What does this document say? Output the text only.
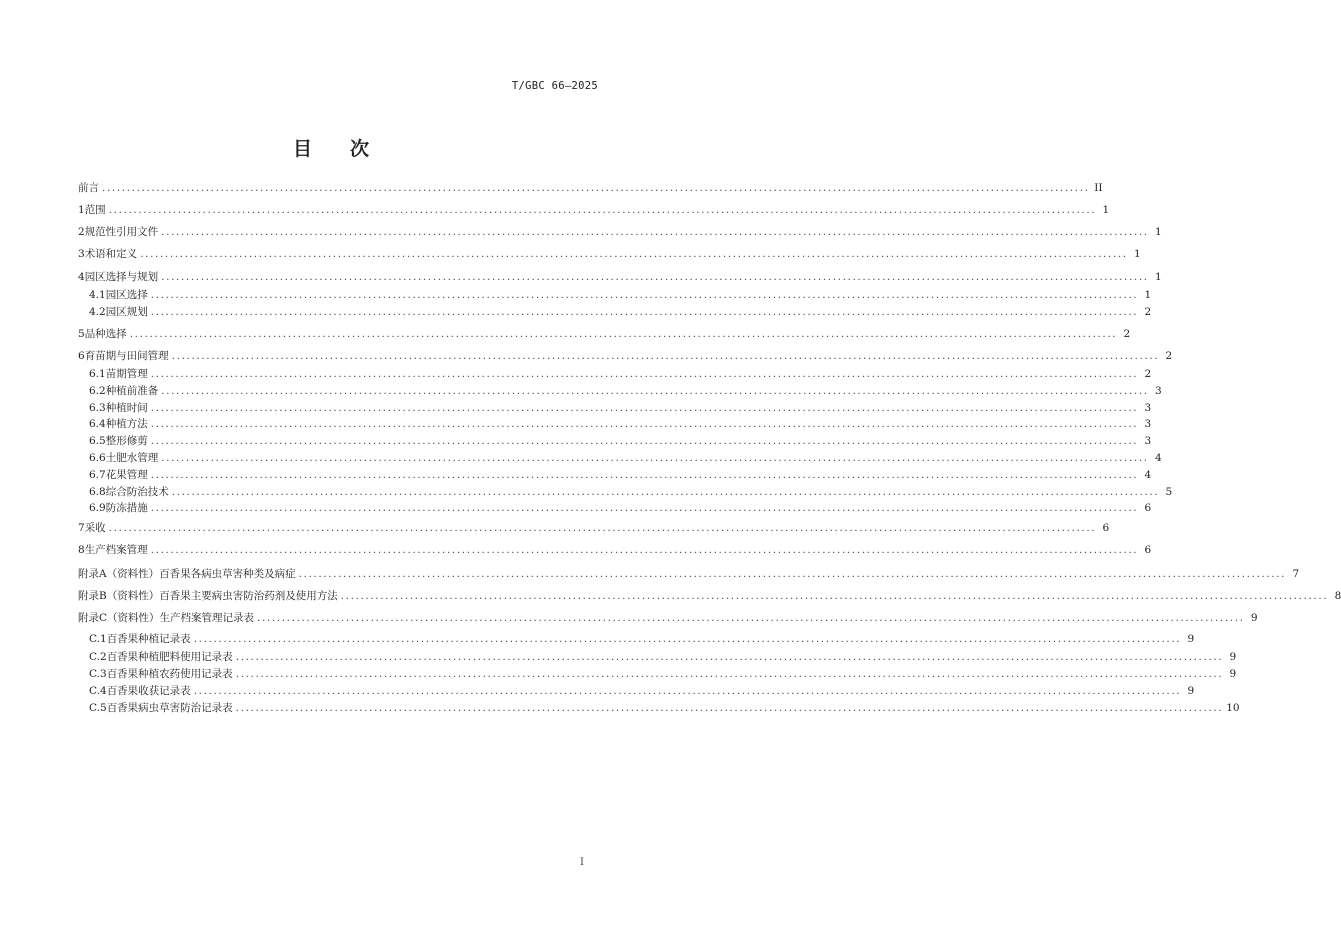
T/GBC 66—2025
目 次
前言 ........................................................................................................................................................................................................ II
1 范围 ........................................................................................................................................................................................................ 1
2 规范性引用文件 ........................................................................................................................................................................................................ 1
3 术语和定义 ........................................................................................................................................................................................................ 1
4 园区选择与规划 ........................................................................................................................................................................................................ 1
4.1 园区选择 ........................................................................................................................................................................................................ 1
4.2 园区规划 ........................................................................................................................................................................................................ 2
5 品种选择 ........................................................................................................................................................................................................ 2
6 育苗期与田间管理 ........................................................................................................................................................................................................ 2
6.1 苗期管理 ........................................................................................................................................................................................................ 2
6.2 种植前准备 ........................................................................................................................................................................................................ 3
6.3 种植时间 ........................................................................................................................................................................................................ 3
6.4 种植方法 ........................................................................................................................................................................................................ 3
6.5 整形修剪 ........................................................................................................................................................................................................ 3
6.6 土肥水管理 ........................................................................................................................................................................................................ 4
6.7 花果管理 ........................................................................................................................................................................................................ 4
6.8 综合防治技术 ........................................................................................................................................................................................................ 5
6.9 防冻措施 ........................................................................................................................................................................................................ 6
7 采收 ........................................................................................................................................................................................................ 6
8 生产档案管理 ........................................................................................................................................................................................................ 6
附录A（资料性） 百香果各病虫草害种类及病症 ........................................................................................................................................................................................................ 7
附录B（资料性） 百香果主要病虫害防治药剂及使用方法 ........................................................................................................................................................................................................ 8
附录C（资料性） 生产档案管理记录表 ........................................................................................................................................................................................................ 9
C.1 百香果种植记录表 ........................................................................................................................................................................................................ 9
C.2 百香果种植肥料使用记录表 ........................................................................................................................................................................................................ 9
C.3 百香果种植农药使用记录表 ........................................................................................................................................................................................................ 9
C.4 百香果收获记录表 ........................................................................................................................................................................................................ 9
C.5 百香果病虫草害防治记录表 ........................................................................................................................................................................................................ 10
I
